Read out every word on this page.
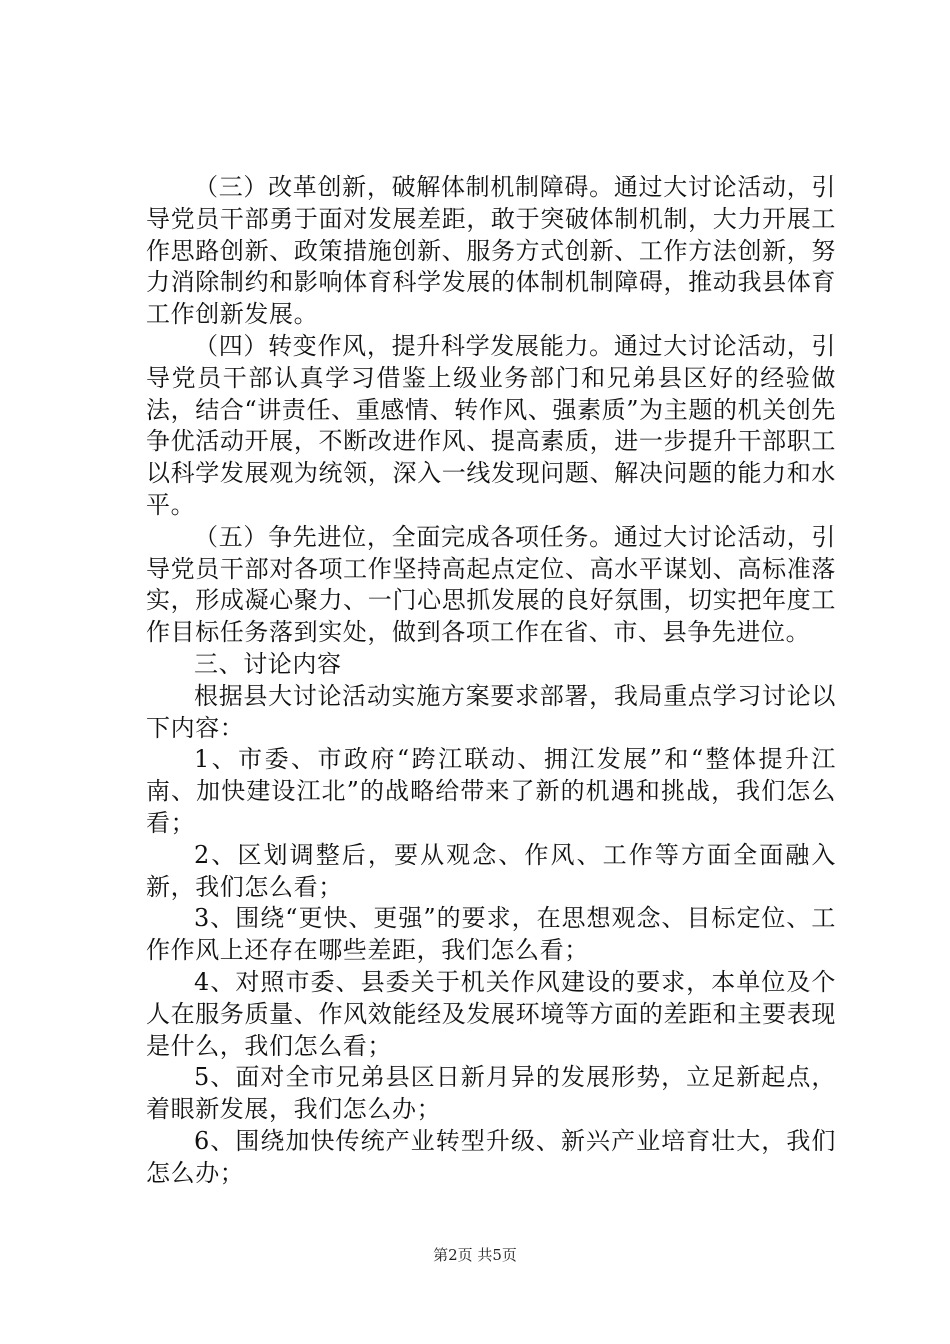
（三）改革创新，破解体制机制障碍。通过大讨论活动，引导党员干部勇于面对发展差距，敢于突破体制机制，大力开展工作思路创新、政策措施创新、服务方式创新、工作方法创新，努力消除制约和影响体育科学发展的体制机制障碍，推动我县体育工作创新发展。

（四）转变作风，提升科学发展能力。通过大讨论活动，引导党员干部认真学习借鉴上级业务部门和兄弟县区好的经验做法，结合“讲责任、重感情、转作风、强素质”为主题的机关创先争优活动开展，不断改进作风、提高素质，进一步提升干部职工以科学发展观为统领，深入一线发现问题、解决问题的能力和水平。

（五）争先进位，全面完成各项任务。通过大讨论活动，引导党员干部对各项工作坚持高起点定位、高水平谋划、高标准落实，形成凝心聚力、一门心思抓发展的良好氛围，切实把年度工作目标任务落到实处，做到各项工作在省、市、县争先进位。

三、讨论内容

根据县大讨论活动实施方案要求部署，我局重点学习讨论以下内容：

1、市委、市政府“跨江联动、拥江发展”和“整体提升江南、加快建设江北”的战略给带来了新的机遇和挑战，我们怎么看；

2、区划调整后，要从观念、作风、工作等方面全面融入新，我们怎么看；

3、围绕“更快、更强”的要求，在思想观念、目标定位、工作作风上还存在哪些差距，我们怎么看；

4、对照市委、县委关于机关作风建设的要求，本单位及个人在服务质量、作风效能经及发展环境等方面的差距和主要表现是什么，我们怎么看；

5、面对全市兄弟县区日新月异的发展形势，立足新起点，着眼新发展，我们怎么办；

6、围绕加快传统产业转型升级、新兴产业培育壮大，我们怎么办；

第2页 共5页
